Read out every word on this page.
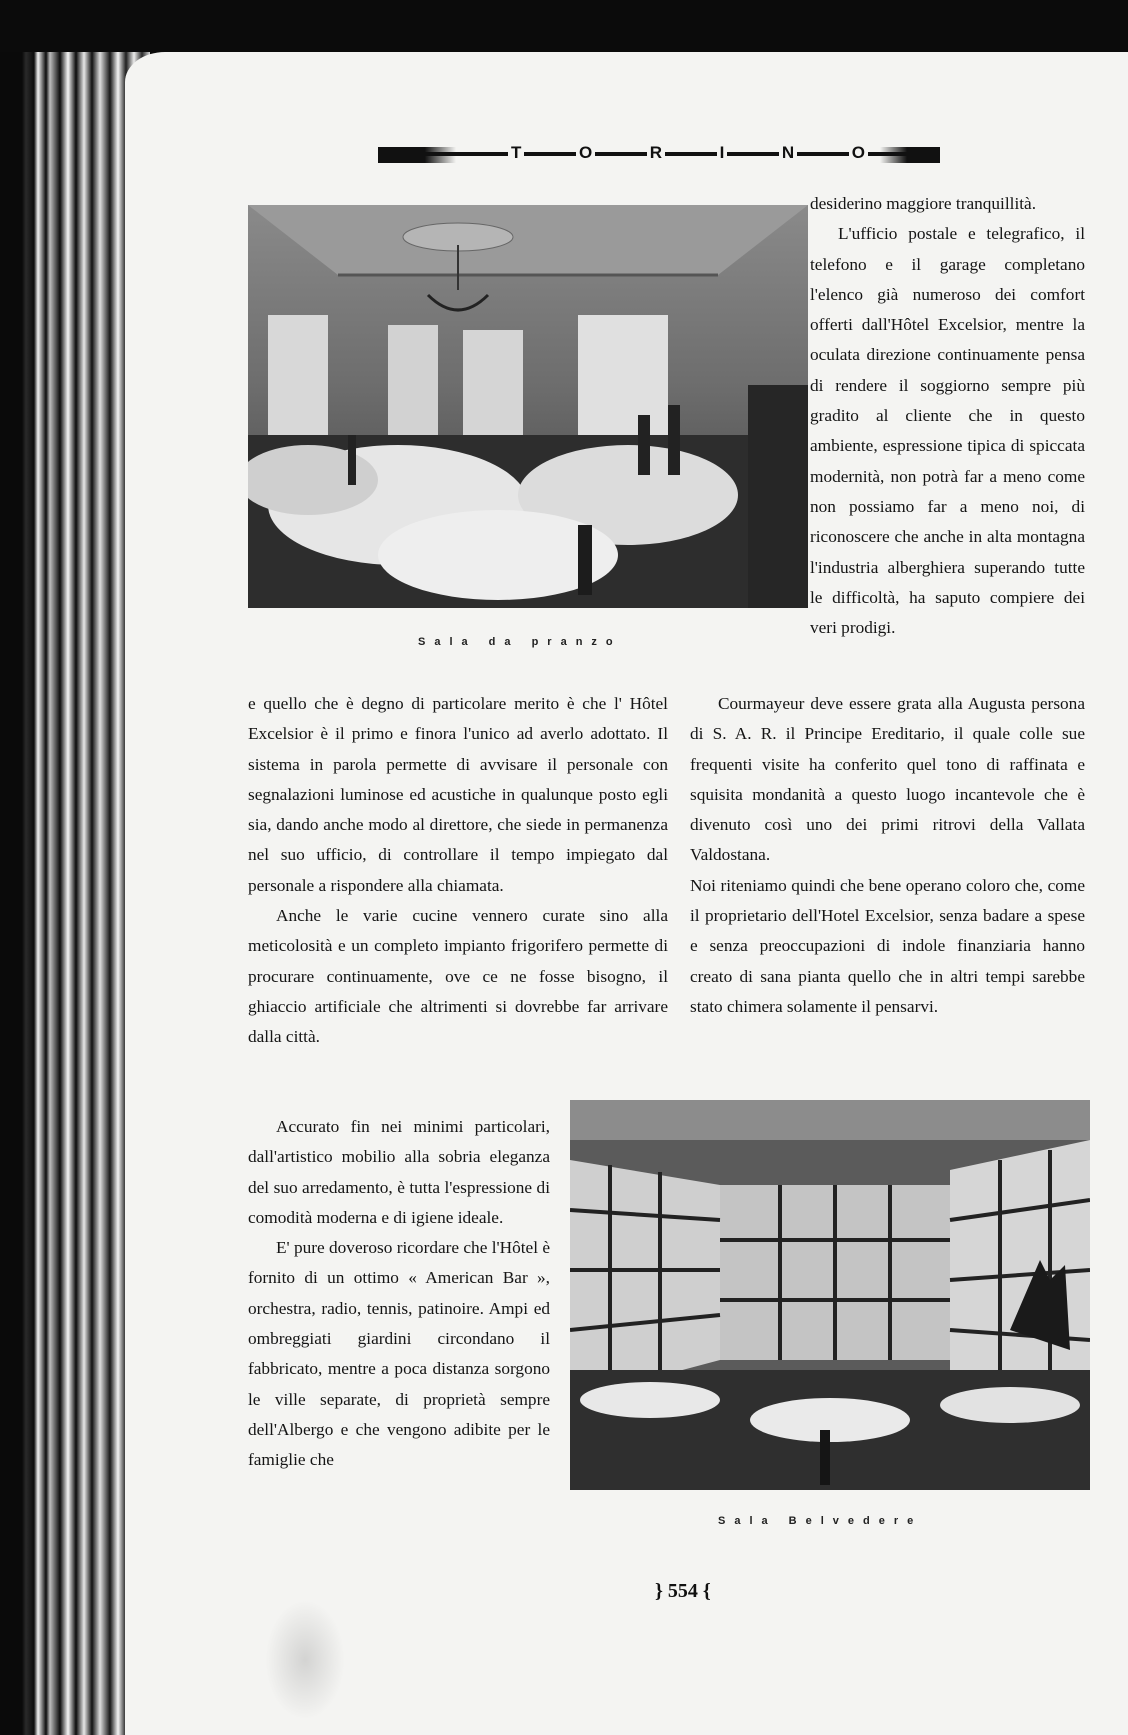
T	O	R	I	N	O
Sala da pranzo

e quello che è degno di particolare merito è che l' Hôtel Excelsior è il primo e finora l'unico ad averlo adottato. Il sistema in parola permette di avvisare il personale con segnalazioni luminose ed acustiche in qualunque posto egli sia, dando anche modo al direttore, che siede in permanenza nel suo ufficio, di controllare il tempo impiegato dal personale a rispondere alla chiamata.

Anche le varie cucine vennero curate sino alla meticolosità e un completo impianto frigorifero permette di procurare continuamente, ove ce ne fosse bisogno, il ghiaccio artificiale che altrimenti si dovrebbe far arrivare dalla città.

Accurato fin nei minimi particolari, dall'artistico mobilio alla sobria eleganza del suo arredamento, è tutta l'espressione di comodità moderna e di igiene ideale.

E' pure doveroso ricordare che l'Hôtel è fornito di un ottimo « American Bar », orchestra, radio, tennis, patinoire. Ampi ed ombreggiati giardini circondano il fabbricato, mentre a poca distanza sorgono le ville separate, di proprietà sempre dell'Albergo e che vengono adibite per le famiglie che

desiderino maggiore tranquillità.

L'ufficio postale e telegrafico, il telefono e il garage completano l'elenco già numeroso dei comfort offerti dall'Hôtel Excelsior, mentre la oculata direzione continuamente pensa di rendere il soggiorno sempre più gradito al cliente che in questo ambiente, espressione tipica di spiccata modernità, non potrà far a meno come non possiamo far a meno noi, di riconoscere che anche in alta montagna l'industria alberghiera superando tutte le difficoltà, ha saputo compiere dei veri prodigi.

Courmayeur deve essere grata alla Augusta persona di S. A. R. il Principe Ereditario, il quale colle sue frequenti visite ha conferito quel tono di raffinata e squisita mondanità a questo luogo incantevole che è divenuto così uno dei primi ritrovi della Vallata Valdostana.

Noi riteniamo quindi che bene operano coloro che, come il proprietario dell'Hotel Excelsior, senza badare a spese e senza preoccupazioni di indole finanziaria hanno creato di sana pianta quello che in altri tempi sarebbe stato chimera solamente il pensarvi.

Sala Belvedere
} 554 {
